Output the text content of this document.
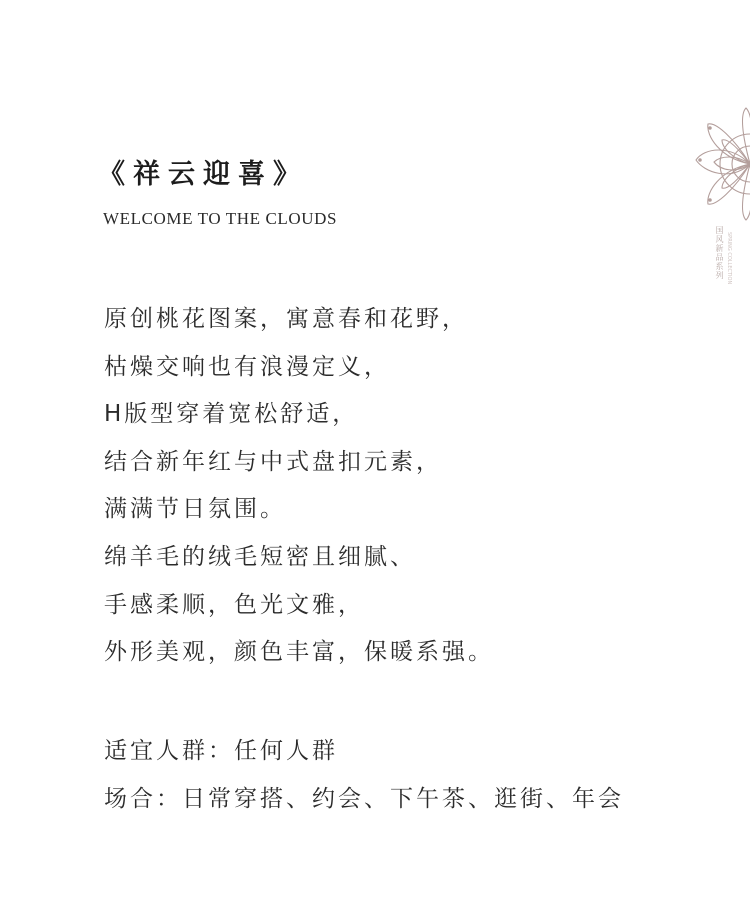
《祥云迎喜》
WELCOME TO THE CLOUDS
原创桃花图案，寓意春和花野，
枯燥交响也有浪漫定义，
H版型穿着宽松舒适，
结合新年红与中式盘扣元素，
满满节日氛围。
绵羊毛的绒毛短密且细腻、
手感柔顺，色光文雅，
外形美观，颜色丰富，保暖系强。
适宜人群：任何人群
场合：日常穿搭、约会、下午茶、逛街、年会
国风新品系列 SPRING COLLECTION
